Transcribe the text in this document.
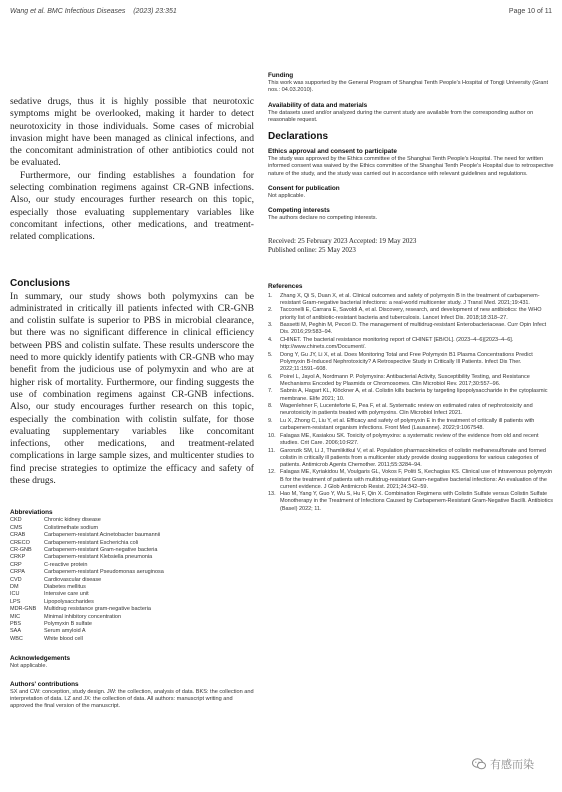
Wang et al. BMC Infectious Diseases (2023) 23:351	Page 10 of 11

sedative drugs, thus it is highly possible that neurotoxic symptoms might be overlooked, making it harder to detect neurotoxicity in those individuals. Some cases of microbial invasion might have been managed as clinical infections, and the concomitant administration of other antibiotics could not be evaluated.

Furthermore, our finding establishes a foundation for selecting combination regimens against CR-GNB infections. Also, our study encourages further research on this topic, especially those evaluating supplementary variables like concomitant infections, other medications, and treatment-related complications.

Conclusions
In summary, our study shows both polymyxins can be administrated in critically ill patients infected with CR-GNB and colistin sulfate is superior to PBS in microbial clearance, but there was no significant difference in clinical efficiency between PBS and colistin sulfate. These results underscore the need to more quickly identify patients with CR-GNB who may benefit from the judicious use of polymyxin and who are at higher risk of mortality. Furthermore, our finding suggests the use of combination regimens against CR-GNB infections. Also, our study encourages further research on this topic, especially the combination with colistin sulfate, for those evaluating supplementary variables like concomitant infections, other medications, and treatment-related complications in large sample sizes, and multicenter studies to find precise strategies to optimize the efficacy and safety of these drugs.
Abbreviations
CKD	Chronic kidney disease
CMS	Colistimethate sodium
CRAB	Carbapenem-resistant Acinetobacter baumannii
CRECO	Carbapenem-resistant Escherichia coli
CR-GNB	Carbapenem-resistant Gram-negative bacteria
CRKP	Carbapenem-resistant Klebsiella pneumonia
CRP	C-reactive protein
CRPA	Carbapenem-resistant Pseudomonas aeruginosa
CVD	Cardiovascular disease
DM	Diabetes mellitus
ICU	Intensive care unit
LPS	Lipopolysaccharides
MDR-GNB	Multidrug resistance gram-negative bacteria
MIC	Minimal inhibitory concentration
PBS	Polymyxin B sulfate
SAA	Serum amyloid A
WBC	White blood cell
Acknowledgements
Not applicable.
Authors' contributions
SX and CW: conception, study design. JW: the collection, analysis of data. BKS: the collection and interpretation of data. LZ and JX: the collection of data. All authors: manuscript writing and approved the final version of the manuscript.
Funding
This work was supported by the General Program of Shanghai Tenth People's Hospital of Tongji University (Grant nos.: 04.03.2010).
Availability of data and materials
The datasets used and/or analyzed during the current study are available from the corresponding author on reasonable request.
Declarations
Ethics approval and consent to participate
The study was approved by the Ethics committee of the Shanghai Tenth People's Hospital. The need for written informed consent was waived by the Ethics committee of the Shanghai Tenth People's Hospital due to retrospective nature of the study, and the study was carried out in accordance with relevant guidelines and regulations.
Consent for publication
Not applicable.
Competing interests
The authors declare no competing interests.
Received: 25 February 2023 Accepted: 19 May 2023
Published online: 25 May 2023
References
1.	Zhang X, Qi S, Duan X, et al. Clinical outcomes and safety of polymyxin B in the treatment of carbapenem-resistant Gram-negative bacterial infections: a real-world multicenter study. J Transl Med. 2021;19:431.
2.	Tacconelli E, Carrara E, Savoldi A, et al. Discovery, research, and development of new antibiotics: the WHO priority list of antibiotic-resistant bacteria and tuberculosis. Lancet Infect Dis. 2018;18:318–27.
3.	Bassetti M, Peghin M, Pecori D. The management of multidrug-resistant Enterobacteriaceae. Curr Opin Infect Dis. 2016;29:583–94.
4.	CHINET. The bacterial resistance monitoring report of CHINET [EB/OL]. (2023–4–6)[2023–4–6]. http://www.chinets.com/Document/.
5.	Dong Y, Gu JY, Li X, et al. Does Monitoring Total and Free Polymyxin B1 Plasma Concentrations Predict Polymyxin B-Induced Nephrotoxicity? A Retrospective Study in Critically Ill Patients. Infect Dis Ther. 2022;11:1591–608.
6.	Poirel L, Jayol A, Nordmann P. Polymyxins: Antibacterial Activity, Susceptibility Testing, and Resistance Mechanisms Encoded by Plasmids or Chromosomes. Clin Microbiol Rev. 2017;30:557–96.
7.	Sabnis A, Hagart KL, Klöckner A, et al. Colistin kills bacteria by targeting lipopolysaccharide in the cytoplasmic membrane. Elife 2021; 10.
8.	Wagenlehner F, Lucenteforte E, Pea F, et al. Systematic review on estimated rates of nephrotoxicity and neurotoxicity in patients treated with polymyxins. Clin Microbiol Infect 2021.
9.	Lu X, Zhong C, Liu Y, et al. Efficacy and safety of polymyxin E in the treatment of critically ill patients with carbapenem-resistant organism infections. Front Med (Lausanne). 2022;9:1067548.
10. Falagas ME, Kasiakou SK. Toxicity of polymyxins: a systematic review of the evidence from old and recent studies. Crit Care. 2006;10:R27.
11. Garonzik SM, Li J, Thamlikitkul V, et al. Population pharmacokinetics of colistin methanesulfonate and formed colistin in critically ill patients from a multicenter study provide dosing suggestions for various categories of patients. Antimicrob Agents Chemother. 2011;55:3284–94.
12. Falagas ME, Kyriakidou M, Voulgaris GL, Vokos F, Politi S, Kechagias KS. Clinical use of intravenous polymyxin B for the treatment of patients with multidrug-resistant Gram-negative bacterial infections: An evaluation of the current evidence. J Glob Antimicrob Resist. 2021;24:342–59.
13. Hao M, Yang Y, Guo Y, Wu S, Hu F, Qin X. Combination Regimens with Colistin Sulfate versus Colistin Sulfate Monotherapy in the Treatment of Infections Caused by Carbapenem-Resistant Gram-Negative Bacilli. Antibiotics (Basel) 2022; 11.
有感而染
